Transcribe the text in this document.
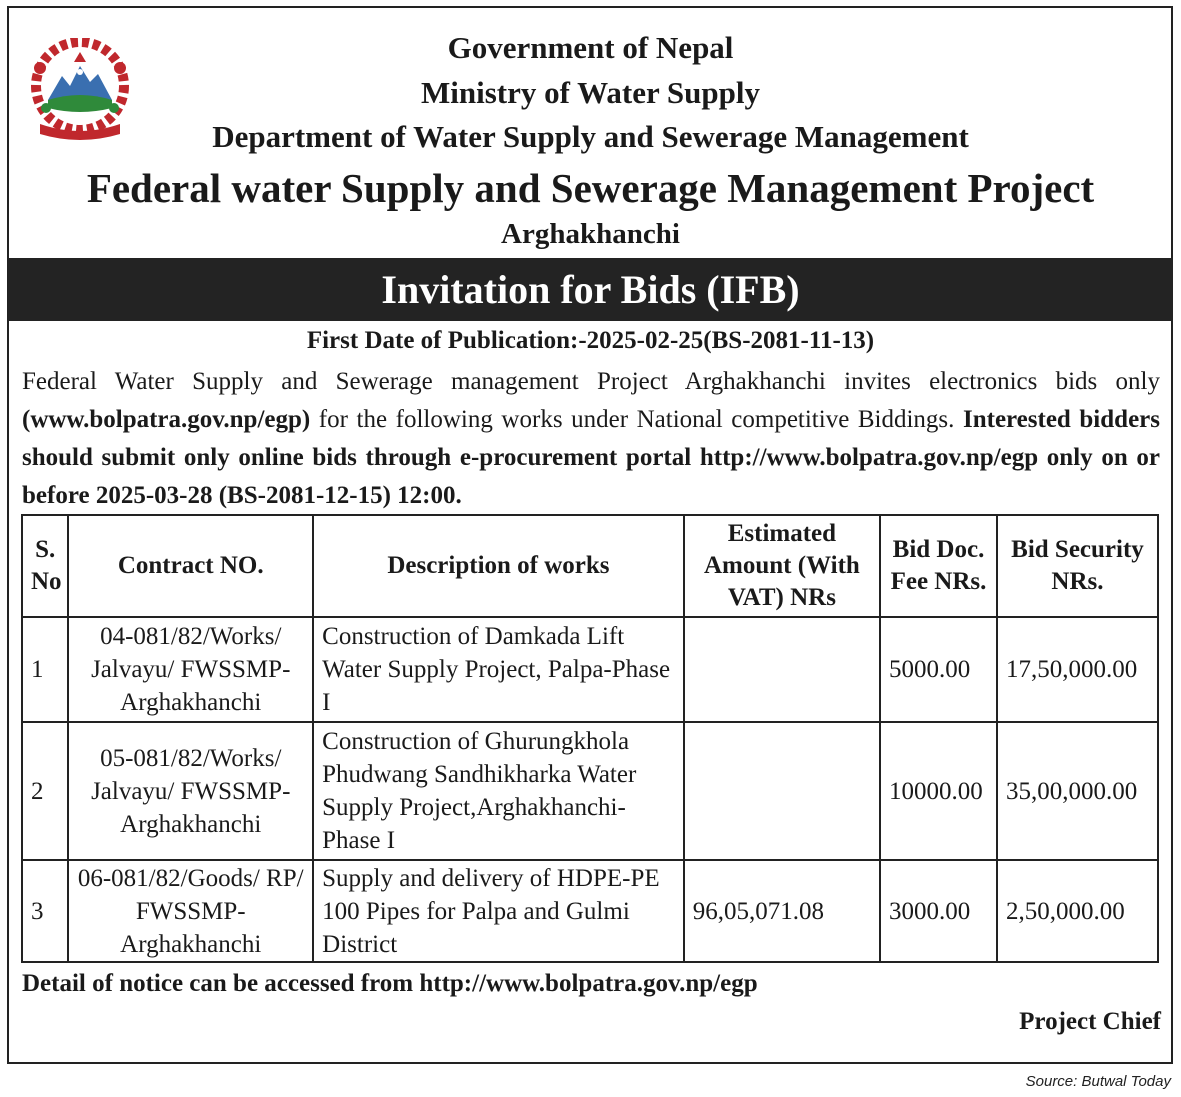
Government of Nepal
Ministry of Water Supply
Department of Water Supply and Sewerage Management
Federal water Supply and Sewerage Management Project
Arghakhanchi
Invitation for Bids (IFB)
First Date of Publication:-2025-02-25(BS-2081-11-13)
Federal Water Supply and Sewerage management Project Arghakhanchi invites electronics bids only (www.bolpatra.gov.np/egp) for the following works under National competitive Biddings. Interested bidders should submit only online bids through e-procurement portal http://www.bolpatra.gov.np/egp only on or before 2025-03-28 (BS-2081-12-15) 12:00.
S. No	Contract NO.	Description of works	Estimated Amount (With VAT) NRs	Bid Doc. Fee NRs.	Bid Security NRs.
1	04-081/82/Works/ Jalvayu/ FWSSMP-Arghakhanchi	Construction of Damkada Lift Water Supply Project, Palpa-Phase I		5000.00	17,50,000.00
2	05-081/82/Works/ Jalvayu/ FWSSMP-Arghakhanchi	Construction of Ghurungkhola Phudwang Sandhikharka Water Supply Project,Arghakhanchi-Phase I		10000.00	35,00,000.00
3	06-081/82/Goods/ RP/ FWSSMP-Arghakhanchi	Supply and delivery of HDPE-PE 100 Pipes for Palpa and Gulmi District	96,05,071.08	3000.00	2,50,000.00
Detail of notice can be accessed from http://www.bolpatra.gov.np/egp
Project Chief
Source: Butwal Today
